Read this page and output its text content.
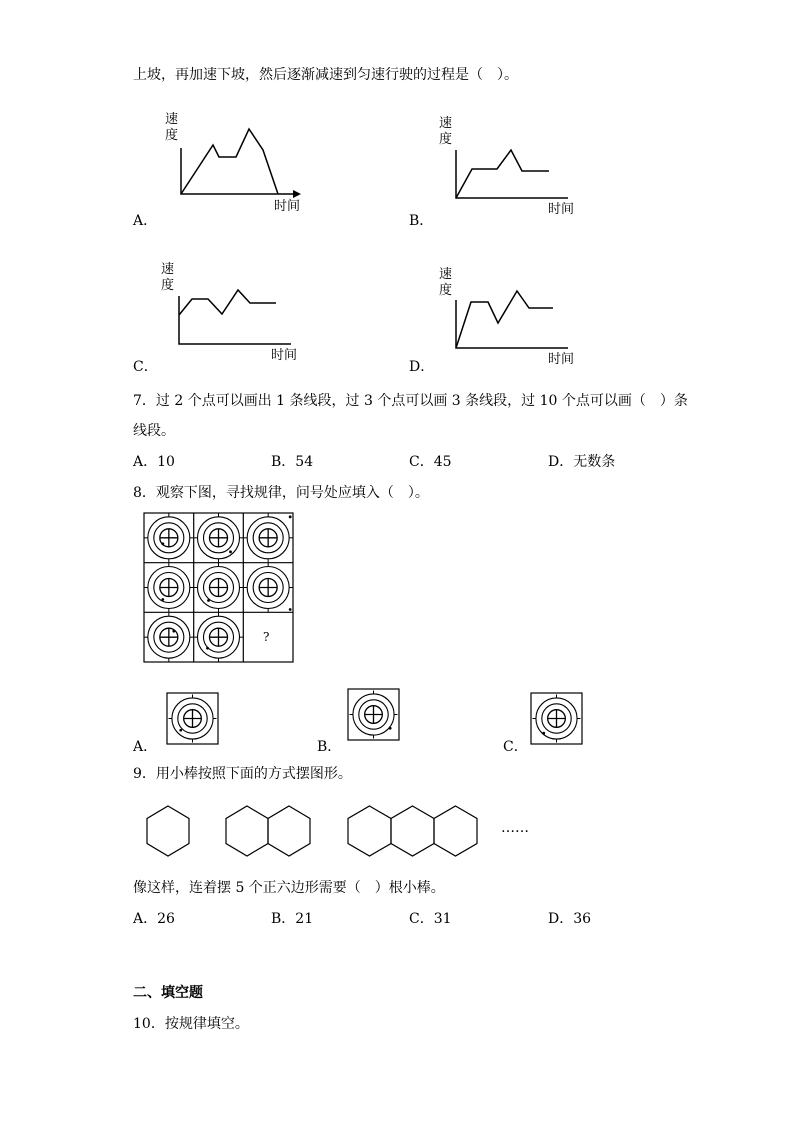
上坡，再加速下坡，然后逐渐减速到匀速行驶的过程是（　）。
速
度
时间
A．
速
度
时间
B．
速
度
时间
C．
速
度
时间
D．
7．过 2 个点可以画出 1 条线段，过 3 个点可以画 3 条线段，过 10 个点可以画（　）条
线段。
A．10	B．54	C．45	D．无数条
8．观察下图，寻找规律，问号处应填入（　）。
?
A．	B．	C．
9．用小棒按照下面的方式摆图形。
……
像这样，连着摆 5 个正六边形需要（　）根小棒。
A．26	B．21	C．31	D．36
二、填空题
10．按规律填空。
